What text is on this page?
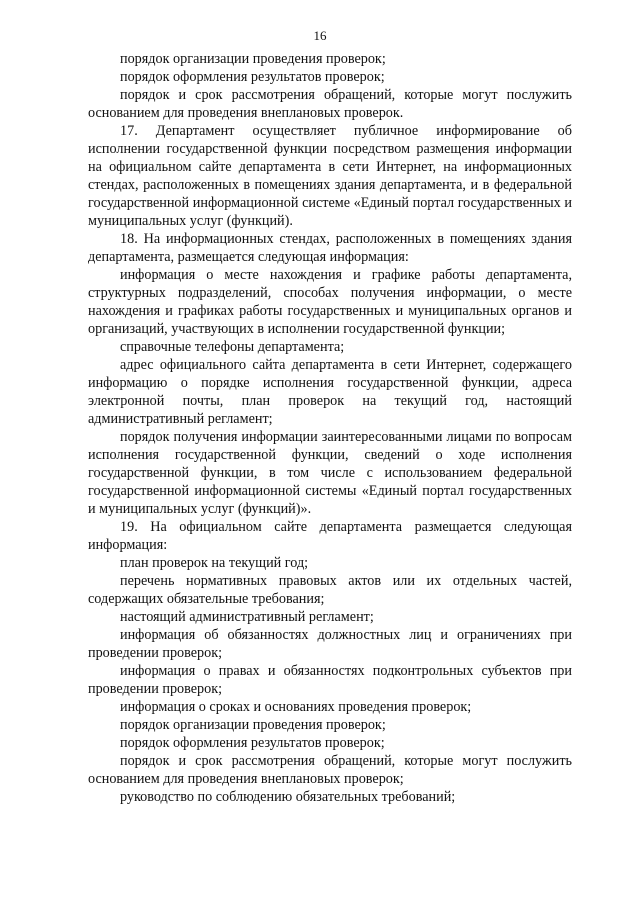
16

порядок организации проведения проверок;

порядок оформления результатов проверок;

порядок и срок рассмотрения обращений, которые могут послужить основанием для проведения внеплановых проверок.

17. Департамент осуществляет публичное информирование об исполнении государственной функции посредством размещения информации на официальном сайте департамента в сети Интернет, на информационных стендах, расположенных в помещениях здания департамента, и в федеральной государственной информационной системе «Единый портал государственных и муниципальных услуг (функций).

18. На информационных стендах, расположенных в помещениях здания департамента, размещается следующая информация:

информация о месте нахождения и графике работы департамента, структурных подразделений, способах получения информации, о месте нахождения и графиках работы государственных и муниципальных органов и организаций, участвующих в исполнении государственной функции;

справочные телефоны департамента;

адрес официального сайта департамента в сети Интернет, содержащего информацию о порядке исполнения государственной функции, адреса электронной почты, план проверок на текущий год, настоящий административный регламент;

порядок получения информации заинтересованными лицами по вопросам исполнения государственной функции, сведений о ходе исполнения государственной функции, в том числе с использованием федеральной государственной информационной системы «Единый портал государственных и муниципальных услуг (функций)».

19. На официальном сайте департамента размещается следующая информация:

план проверок на текущий год;

перечень нормативных правовых актов или их отдельных частей, содержащих обязательные требования;

настоящий административный регламент;

информация об обязанностях должностных лиц и ограничениях при проведении проверок;

информация о правах и обязанностях подконтрольных субъектов при проведении проверок;

информация о сроках и основаниях проведения проверок;

порядок организации проведения проверок;

порядок оформления результатов проверок;

порядок и срок рассмотрения обращений, которые могут послужить основанием для проведения внеплановых проверок;

руководство по соблюдению обязательных требований;
